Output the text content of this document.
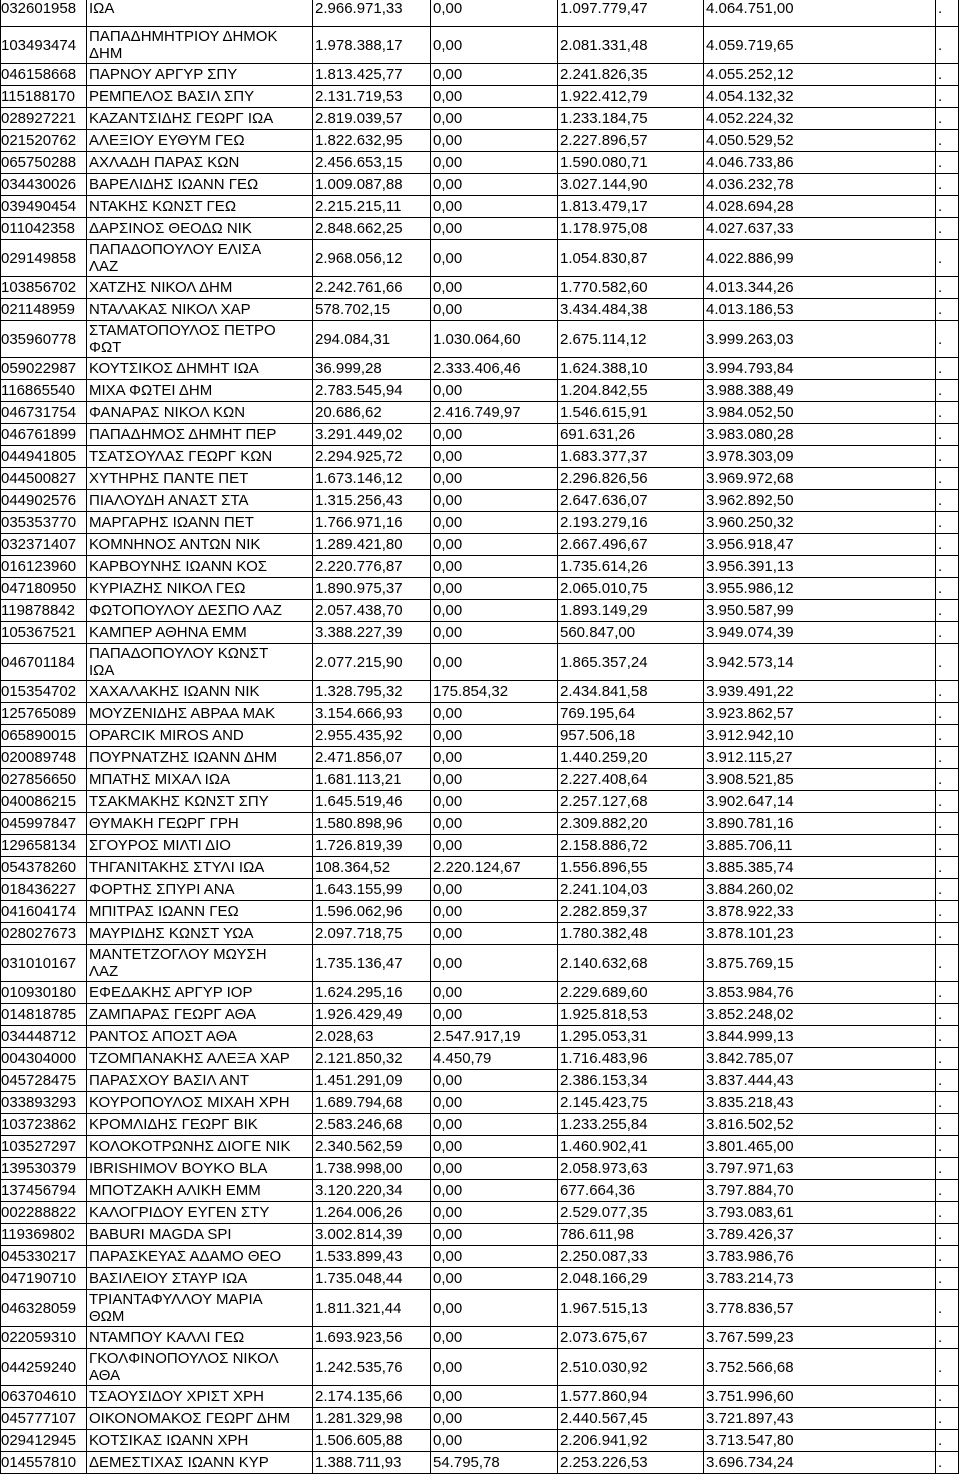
032601958	ΙΩΑ	2.966.971,33	0,00	1.097.779,47	4.064.751,00	.
103493474	ΠΑΠΑΔΗΜΗΤΡΙΟΥ ΔΗΜΟΚ
ΔΗΜ	1.978.388,17	0,00	2.081.331,48	4.059.719,65	.
046158668	ΠΑΡΝΟΥ ΑΡΓΥΡ ΣΠΥ	1.813.425,77	0,00	2.241.826,35	4.055.252,12	.
115188170	ΡΕΜΠΕΛΟΣ ΒΑΣΙΛ ΣΠΥ	2.131.719,53	0,00	1.922.412,79	4.054.132,32	.
028927221	ΚΑΖΑΝΤΣΙΔΗΣ ΓΕΩΡΓ ΙΩΑ	2.819.039,57	0,00	1.233.184,75	4.052.224,32	.
021520762	ΑΛΕΞΙΟΥ ΕΥΘΥΜ ΓΕΩ	1.822.632,95	0,00	2.227.896,57	4.050.529,52	.
065750288	ΑΧΛΑΔΗ ΠΑΡΑΣ ΚΩΝ	2.456.653,15	0,00	1.590.080,71	4.046.733,86	.
034430026	ΒΑΡΕΛΙΔΗΣ ΙΩΑΝΝ ΓΕΩ	1.009.087,88	0,00	3.027.144,90	4.036.232,78	.
039490454	ΝΤΑΚΗΣ ΚΩΝΣΤ ΓΕΩ	2.215.215,11	0,00	1.813.479,17	4.028.694,28	.
011042358	ΔΑΡΣΙΝΟΣ ΘΕΟΔΩ ΝΙΚ	2.848.662,25	0,00	1.178.975,08	4.027.637,33	.
029149858	ΠΑΠΑΔΟΠΟΥΛΟΥ ΕΛΙΣΑ
ΛΑΖ	2.968.056,12	0,00	1.054.830,87	4.022.886,99	.
103856702	ΧΑΤΖΗΣ ΝΙΚΟΛ ΔΗΜ	2.242.761,66	0,00	1.770.582,60	4.013.344,26	.
021148959	ΝΤΑΛΑΚΑΣ ΝΙΚΟΛ ΧΑΡ	578.702,15	0,00	3.434.484,38	4.013.186,53	.
035960778	ΣΤΑΜΑΤΟΠΟΥΛΟΣ ΠΕΤΡΟ
ΦΩΤ	294.084,31	1.030.064,60	2.675.114,12	3.999.263,03	.
059022987	ΚΟΥΤΣΙΚΟΣ ΔΗΜΗΤ ΙΩΑ	36.999,28	2.333.406,46	1.624.388,10	3.994.793,84	.
116865540	ΜΙΧΑ ΦΩΤΕΙ ΔΗΜ	2.783.545,94	0,00	1.204.842,55	3.988.388,49	.
046731754	ΦΑΝΑΡΑΣ ΝΙΚΟΛ ΚΩΝ	20.686,62	2.416.749,97	1.546.615,91	3.984.052,50	.
046761899	ΠΑΠΑΔΗΜΟΣ ΔΗΜΗΤ ΠΕΡ	3.291.449,02	0,00	691.631,26	3.983.080,28	.
044941805	ΤΣΑΤΣΟΥΛΑΣ ΓΕΩΡΓ ΚΩΝ	2.294.925,72	0,00	1.683.377,37	3.978.303,09	.
044500827	ΧΥΤΗΡΗΣ ΠΑΝΤΕ ΠΕΤ	1.673.146,12	0,00	2.296.826,56	3.969.972,68	.
044902576	ΠΙΑΛΟΥΔΗ ΑΝΑΣΤ ΣΤΑ	1.315.256,43	0,00	2.647.636,07	3.962.892,50	.
035353770	ΜΑΡΓΑΡΗΣ ΙΩΑΝΝ ΠΕΤ	1.766.971,16	0,00	2.193.279,16	3.960.250,32	.
032371407	ΚΟΜΝΗΝΟΣ ΑΝΤΩΝ ΝΙΚ	1.289.421,80	0,00	2.667.496,67	3.956.918,47	.
016123960	ΚΑΡΒΟΥΝΗΣ ΙΩΑΝΝ ΚΟΣ	2.220.776,87	0,00	1.735.614,26	3.956.391,13	.
047180950	ΚΥΡΙΑΖΗΣ ΝΙΚΟΛ ΓΕΩ	1.890.975,37	0,00	2.065.010,75	3.955.986,12	.
119878842	ΦΩΤΟΠΟΥΛΟΥ ΔΕΣΠΟ ΛΑΖ	2.057.438,70	0,00	1.893.149,29	3.950.587,99	.
105367521	ΚΑΜΠΕΡ ΑΘΗΝΑ ΕΜΜ	3.388.227,39	0,00	560.847,00	3.949.074,39	.
046701184	ΠΑΠΑΔΟΠΟΥΛΟΥ ΚΩΝΣΤ
ΙΩΑ	2.077.215,90	0,00	1.865.357,24	3.942.573,14	.
015354702	ΧΑΧΑΛΑΚΗΣ ΙΩΑΝΝ ΝΙΚ	1.328.795,32	175.854,32	2.434.841,58	3.939.491,22	.
125765089	ΜΟΥΖΕΝΙΔΗΣ ΑΒΡΑΑ ΜΑΚ	3.154.666,93	0,00	769.195,64	3.923.862,57	.
065890015	OPARCIK MIROS AND	2.955.435,92	0,00	957.506,18	3.912.942,10	.
020089748	ΠΟΥΡΝΑΤΖΗΣ ΙΩΑΝΝ ΔΗΜ	2.471.856,07	0,00	1.440.259,20	3.912.115,27	.
027856650	ΜΠΑΤΗΣ ΜΙΧΑΛ ΙΩΑ	1.681.113,21	0,00	2.227.408,64	3.908.521,85	.
040086215	ΤΣΑΚΜΑΚΗΣ ΚΩΝΣΤ ΣΠΥ	1.645.519,46	0,00	2.257.127,68	3.902.647,14	.
045997847	ΘΥΜΑΚΗ ΓΕΩΡΓ ΓΡΗ	1.580.898,96	0,00	2.309.882,20	3.890.781,16	.
129658134	ΣΓΟΥΡΟΣ ΜΙΛΤΙ ΔΙΟ	1.726.819,39	0,00	2.158.886,72	3.885.706,11	.
054378260	ΤΗΓΑΝΙΤΑΚΗΣ ΣΤΥΛΙ ΙΩΑ	108.364,52	2.220.124,67	1.556.896,55	3.885.385,74	.
018436227	ΦΟΡΤΗΣ ΣΠΥΡΙ ΑΝΑ	1.643.155,99	0,00	2.241.104,03	3.884.260,02	.
041604174	ΜΠΙΤΡΑΣ ΙΩΑΝΝ ΓΕΩ	1.596.062,96	0,00	2.282.859,37	3.878.922,33	.
028027673	ΜΑΥΡΙΔΗΣ ΚΩΝΣΤ ΥΩΑ	2.097.718,75	0,00	1.780.382,48	3.878.101,23	.
031010167	ΜΑΝΤΕΤΖΟΓΛΟΥ ΜΩΥΣΗ
ΛΑΖ	1.735.136,47	0,00	2.140.632,68	3.875.769,15	.
010930180	ΕΦΕΔΑΚΗΣ ΑΡΓΥΡ ΙΟΡ	1.624.295,16	0,00	2.229.689,60	3.853.984,76	.
014818785	ΖΑΜΠΑΡΑΣ ΓΕΩΡΓ ΑΘΑ	1.926.429,49	0,00	1.925.818,53	3.852.248,02	.
034448712	ΡΑΝΤΟΣ ΑΠΟΣΤ ΑΘΑ	2.028,63	2.547.917,19	1.295.053,31	3.844.999,13	.
004304000	ΤΖΟΜΠΑΝΑΚΗΣ ΑΛΕΞΑ ΧΑΡ	2.121.850,32	4.450,79	1.716.483,96	3.842.785,07	.
045728475	ΠΑΡΑΣΧΟΥ ΒΑΣΙΛ ΑΝΤ	1.451.291,09	0,00	2.386.153,34	3.837.444,43	.
033893293	ΚΟΥΡΟΠΟΥΛΟΣ ΜΙΧΑΗ ΧΡΗ	1.689.794,68	0,00	2.145.423,75	3.835.218,43	.
103723862	ΚΡΟΜΛΙΔΗΣ ΓΕΩΡΓ ΒΙΚ	2.583.246,68	0,00	1.233.255,84	3.816.502,52	.
103527297	ΚΟΛΟΚΟΤΡΩΝΗΣ ΔΙΟΓΕ ΝΙΚ	2.340.562,59	0,00	1.460.902,41	3.801.465,00	.
139530379	IBRISHIMOV BOYKO BLA	1.738.998,00	0,00	2.058.973,63	3.797.971,63	.
137456794	ΜΠΟΤΖΑΚΗ ΑΛΙΚΗ ΕΜΜ	3.120.220,34	0,00	677.664,36	3.797.884,70	.
002288822	ΚΑΛΟΓΡΙΔΟΥ ΕΥΓΕΝ ΣΤΥ	1.264.006,26	0,00	2.529.077,35	3.793.083,61	.
119369802	BABURI MAGDA SPI	3.002.814,39	0,00	786.611,98	3.789.426,37	.
045330217	ΠΑΡΑΣΚΕΥΑΣ ΑΔΑΜΟ ΘΕΟ	1.533.899,43	0,00	2.250.087,33	3.783.986,76	.
047190710	ΒΑΣΙΛΕΙΟΥ ΣΤΑΥΡ ΙΩΑ	1.735.048,44	0,00	2.048.166,29	3.783.214,73	.
046328059	ΤΡΙΑΝΤΑΦΥΛΛΟΥ ΜΑΡΙΑ
ΘΩΜ	1.811.321,44	0,00	1.967.515,13	3.778.836,57	.
022059310	ΝΤΑΜΠΟΥ ΚΑΛΛΙ ΓΕΩ	1.693.923,56	0,00	2.073.675,67	3.767.599,23	.
044259240	ΓΚΟΛΦΙΝΟΠΟΥΛΟΣ ΝΙΚΟΛ
ΑΘΑ	1.242.535,76	0,00	2.510.030,92	3.752.566,68	.
063704610	ΤΣΑΟΥΣΙΔΟΥ ΧΡΙΣΤ ΧΡΗ	2.174.135,66	0,00	1.577.860,94	3.751.996,60	.
045777107	ΟΙΚΟΝΟΜΑΚΟΣ ΓΕΩΡΓ ΔΗΜ	1.281.329,98	0,00	2.440.567,45	3.721.897,43	.
029412945	ΚΟΤΣΙΚΑΣ ΙΩΑΝΝ ΧΡΗ	1.506.605,88	0,00	2.206.941,92	3.713.547,80	.
014557810	ΔΕΜΕΣΤΙΧΑΣ ΙΩΑΝΝ ΚΥΡ	1.388.711,93	54.795,78	2.253.226,53	3.696.734,24	.
